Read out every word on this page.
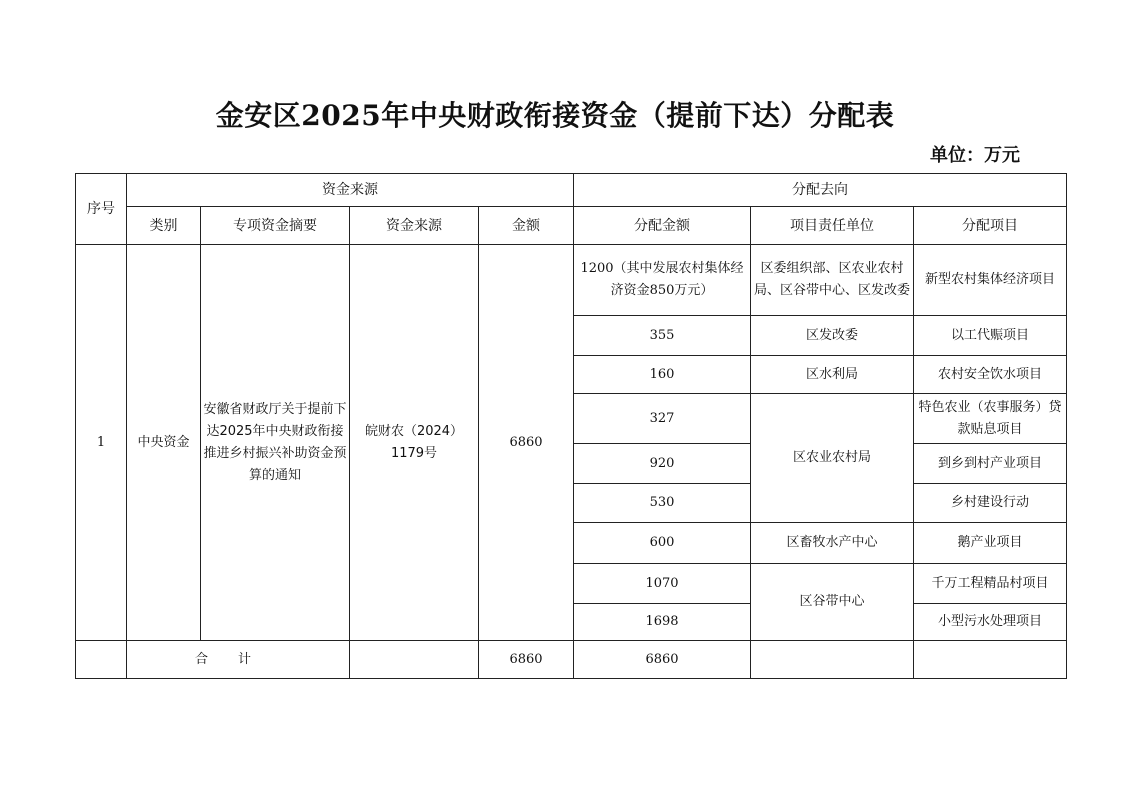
金安区2025年中央财政衔接资金（提前下达）分配表
单位：万元
序号	资金来源				分配去向		
	类别	专项资金摘要	资金来源	金额	分配金额	项目责任单位	分配项目
1	中央资金	安徽省财政厅关于提前下达2025年中央财政衔接推进乡村振兴补助资金预算的通知	皖财农（2024）1179号	6860	1200（其中发展农村集体经济资金850万元）	区委组织部、区农业农村局、区谷带中心、区发改委	新型农村集体经济项目
					355	区发改委	以工代赈项目
					160	区水利局	农村安全饮水项目
					327	区农业农村局	特色农业（农事服务）贷款贴息项目
					920		到乡到村产业项目
					530		乡村建设行动
					600	区畜牧水产中心	鹅产业项目
					1070	区谷带中心	千万工程精品村项目
					1698		小型污水处理项目
	合计			6860	6860		
